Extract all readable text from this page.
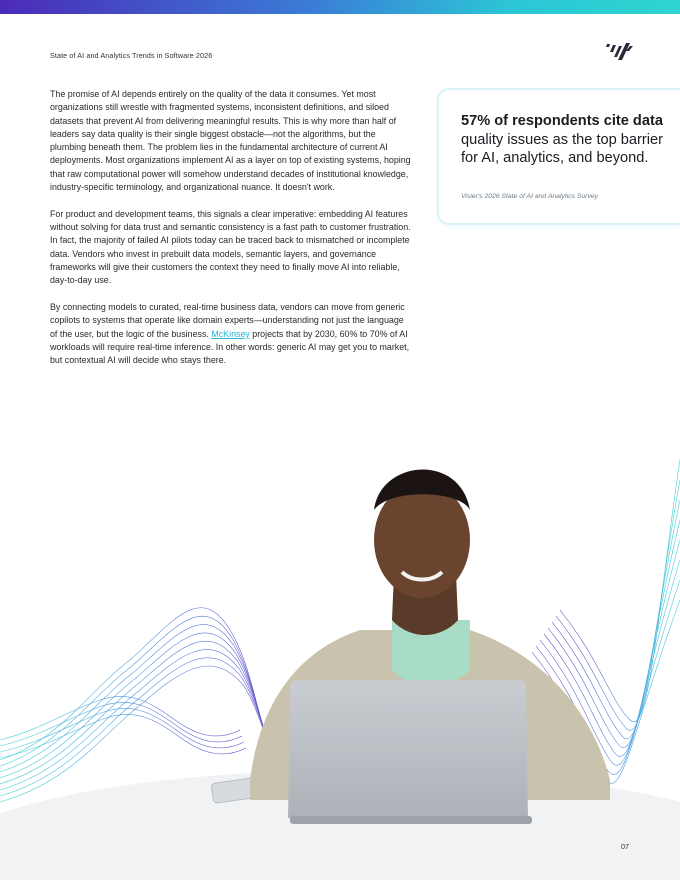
State of AI and Analytics Trends in Software 2026

The promise of AI depends entirely on the quality of the data it consumes. Yet most organizations still wrestle with fragmented systems, inconsistent definitions, and siloed datasets that prevent AI from delivering meaningful results. This is why more than half of leaders say data quality is their single biggest obstacle—not the algorithms, but the plumbing beneath them. The problem lies in the fundamental architecture of current AI deployments. Most organizations implement AI as a layer on top of existing systems, hoping that raw computational power will somehow understand decades of institutional knowledge, industry-specific terminology, and organizational nuance. It doesn't work.

For product and development teams, this signals a clear imperative: embedding AI features without solving for data trust and semantic consistency is a fast path to customer frustration. In fact, the majority of failed AI pilots today can be traced back to mismatched or incomplete data. Vendors who invest in prebuilt data models, semantic layers, and governance frameworks will give their customers the context they need to finally move AI into reliable, day-to-day use.

By connecting models to curated, real-time business data, vendors can move from generic copilots to systems that operate like domain experts—understanding not just the language of the user, but the logic of the business. McKinsey projects that by 2030, 60% to 70% of AI workloads will require real-time inference. In other words: generic AI may get you to market, but contextual AI will decide who stays there.

57% of respondents cite data quality issues as the top barrier for AI, analytics, and beyond.
Visier's 2026 State of AI and Analytics Survey
07
